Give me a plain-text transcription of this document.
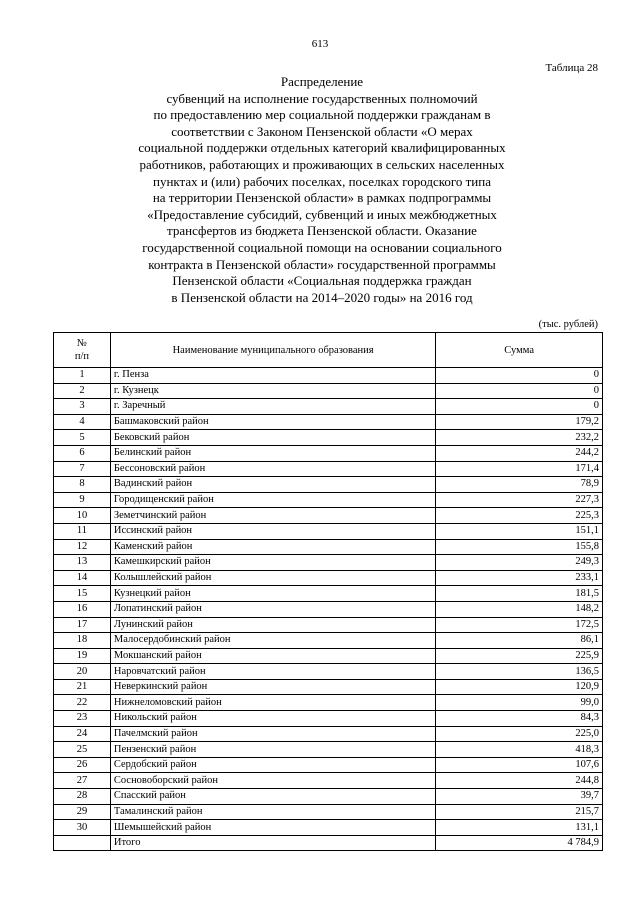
613
Таблица 28
Распределение
субвенций на исполнение государственных полномочий
по предоставлению мер социальной поддержки гражданам в
соответствии с Законом Пензенской области «О мерах
социальной поддержки отдельных категорий квалифицированных
работников, работающих и проживающих в сельских населенных
пунктах и (или) рабочих поселках, поселках городского типа
на территории Пензенской области» в рамках подпрограммы
«Предоставление субсидий, субвенций и иных межбюджетных
трансфертов из бюджета Пензенской области. Оказание
государственной социальной помощи на основании социального
контракта в Пензенской области» государственной программы
Пензенской области «Социальная поддержка граждан
в Пензенской области на 2014–2020 годы» на 2016 год
(тыс. рублей)
№
п/п	Наименование муниципального образования	Сумма
1	г. Пенза	0
2	г. Кузнецк	0
3	г. Заречный	0
4	Башмаковский район	179,2
5	Бековский район	232,2
6	Белинский район	244,2
7	Бессоновский район	171,4
8	Вадинский район	78,9
9	Городищенский район	227,3
10	Земетчинский район	225,3
11	Иссинский район	151,1
12	Каменский район	155,8
13	Камешкирский район	249,3
14	Колышлейский район	233,1
15	Кузнецкий район	181,5
16	Лопатинский район	148,2
17	Лунинский район	172,5
18	Малосердобинский район	86,1
19	Мокшанский район	225,9
20	Наровчатский район	136,5
21	Неверкинский район	120,9
22	Нижнеломовский район	99,0
23	Никольский район	84,3
24	Пачелмский район	225,0
25	Пензенский район	418,3
26	Сердобский район	107,6
27	Сосновоборский район	244,8
28	Спасский район	39,7
29	Тамалинский район	215,7
30	Шемышейский район	131,1
	Итого	4 784,9
